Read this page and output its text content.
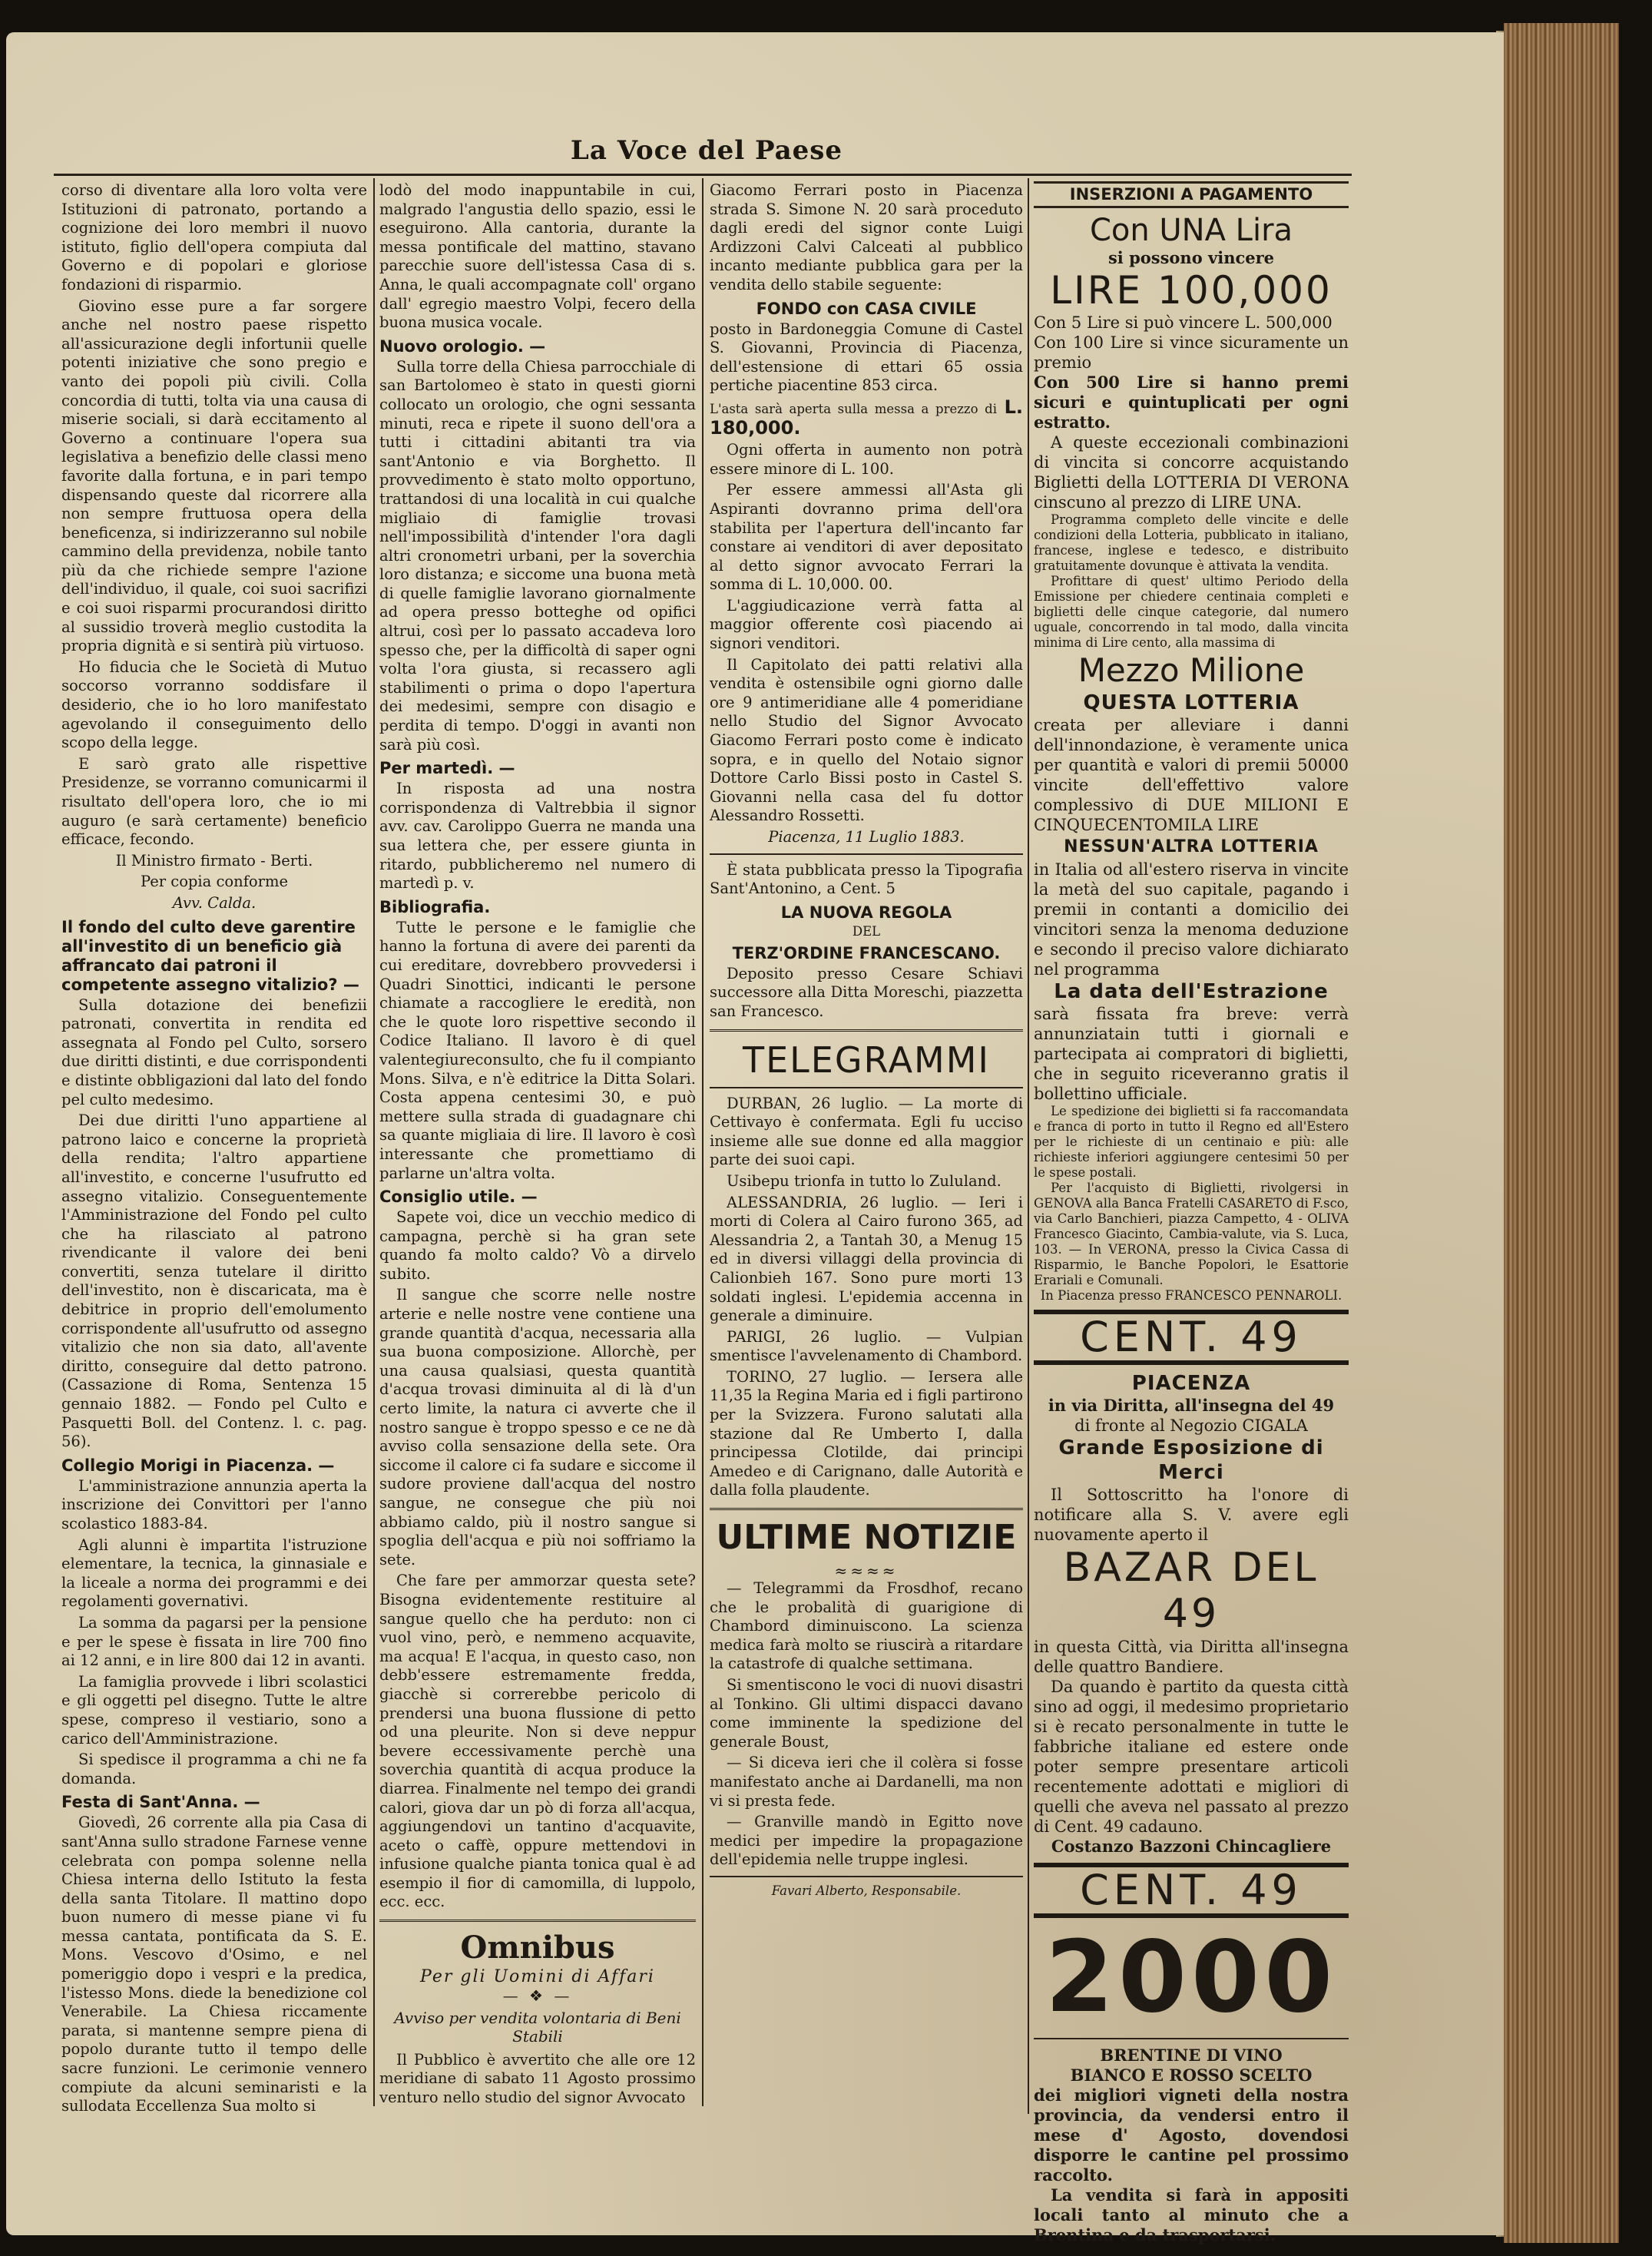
La Voce del Paese

corso di diventare alla loro volta vere Istituzioni di patronato, portando a cognizione dei loro membri il nuovo istituto, figlio dell'opera compiuta dal Governo e di popolari e gloriose fondazioni di risparmio.

Giovino esse pure a far sorgere anche nel nostro paese rispetto all'assicurazione degli infortunii quelle potenti iniziative che sono pregio e vanto dei popoli più civili. Colla concordia di tutti, tolta via una causa di miserie sociali, si darà eccitamento al Governo a continuare l'opera sua legislativa a benefizio delle classi meno favorite dalla fortuna, e in pari tempo dispensando queste dal ricorrere alla non sempre fruttuosa opera della beneficenza, si indirizzeranno sul nobile cammino della previdenza, nobile tanto più da che richiede sempre l'azione dell'individuo, il quale, coi suoi sacrifizi e coi suoi risparmi procurandosi diritto al sussidio troverà meglio custodita la propria dignità e si sentirà più virtuoso.

Ho fiducia che le Società di Mutuo soccorso vorranno soddisfare il desiderio, che io ho loro manifestato agevolando il conseguimento dello scopo della legge.

E sarò grato alle rispettive Presidenze, se vorranno comunicarmi il risultato dell'opera loro, che io mi auguro (e sarà certamente) beneficio efficace, fecondo.

Il Ministro firmato - Berti.

Per copia conforme

Avv. Calda.

Il fondo del culto deve garentire all'investito di un beneficio già affrancato dai patroni il competente assegno vitalizio? —

Sulla dotazione dei benefizii patronati, convertita in rendita ed assegnata al Fondo pel Culto, sorsero due diritti distinti, e due corrispondenti e distinte obbligazioni dal lato del fondo pel culto medesimo.

Dei due diritti l'uno appartiene al patrono laico e concerne la proprietà della rendita; l'altro appartiene all'investito, e concerne l'usufrutto ed assegno vitalizio. Conseguentemente l'Amministrazione del Fondo pel culto che ha rilasciato al patrono rivendicante il valore dei beni convertiti, senza tutelare il diritto dell'investito, non è discaricata, ma è debitrice in proprio dell'emolumento corrispondente all'usufrutto od assegno vitalizio che non sia dato, all'avente diritto, conseguire dal detto patrono. (Cassazione di Roma, Sentenza 15 gennaio 1882. — Fondo pel Culto e Pasquetti Boll. del Contenz. l. c. pag. 56).

Collegio Morigi in Piacenza. —

L'amministrazione annunzia aperta la inscrizione dei Convittori per l'anno scolastico 1883-84.

Agli alunni è impartita l'istruzione elementare, la tecnica, la ginnasiale e la liceale a norma dei programmi e dei regolamenti governativi.

La somma da pagarsi per la pensione e per le spese è fissata in lire 700 fino ai 12 anni, e in lire 800 dai 12 in avanti.

La famiglia provvede i libri scolastici e gli oggetti pel disegno. Tutte le altre spese, compreso il vestiario, sono a carico dell'Amministrazione.

Si spedisce il programma a chi ne fa domanda.

Festa di Sant'Anna. —

Giovedì, 26 corrente alla pia Casa di sant'Anna sullo stradone Farnese venne celebrata con pompa solenne nella Chiesa interna dello Istituto la festa della santa Titolare. Il mattino dopo buon numero di messe piane vi fu messa cantata, pontificata da S. E. Mons. Vescovo d'Osimo, e nel pomeriggio dopo i vespri e la predica, l'istesso Mons. diede la benedizione col Venerabile. La Chiesa riccamente parata, si mantenne sempre piena di popolo durante tutto il tempo delle sacre funzioni. Le cerimonie vennero compiute da alcuni seminaristi e la sullodata Eccellenza Sua molto si

lodò del modo inappuntabile in cui, malgrado l'angustia dello spazio, essi le eseguirono. Alla cantoria, durante la messa pontificale del mattino, stavano parecchie suore dell'istessa Casa di s. Anna, le quali accompagnate coll' organo dall' egregio maestro Volpi, fecero della buona musica vocale.

Nuovo orologio. —

Sulla torre della Chiesa parrocchiale di san Bartolomeo è stato in questi giorni collocato un orologio, che ogni sessanta minuti, reca e ripete il suono dell'ora a tutti i cittadini abitanti tra via sant'Antonio e via Borghetto. Il provvedimento è stato molto opportuno, trattandosi di una località in cui qualche migliaio di famiglie trovasi nell'impossibilità d'intender l'ora dagli altri cronometri urbani, per la soverchia loro distanza; e siccome una buona metà di quelle famiglie lavorano giornalmente ad opera presso botteghe od opifici altrui, così per lo passato accadeva loro spesso che, per la difficoltà di saper ogni volta l'ora giusta, si recassero agli stabilimenti o prima o dopo l'apertura dei medesimi, sempre con disagio e perdita di tempo. D'oggi in avanti non sarà più così.

Per martedì. —

In risposta ad una nostra corrispondenza di Valtrebbia il signor avv. cav. Carolippo Guerra ne manda una sua lettera che, per essere giunta in ritardo, pubblicheremo nel numero di martedì p. v.

Bibliografia.

Tutte le persone e le famiglie che hanno la fortuna di avere dei parenti da cui ereditare, dovrebbero provvedersi i Quadri Sinottici, indicanti le persone chiamate a raccogliere le eredità, non che le quote loro rispettive secondo il Codice Italiano. Il lavoro è di quel valentegiureconsulto, che fu il compianto Mons. Silva, e n'è editrice la Ditta Solari. Costa appena centesimi 30, e può mettere sulla strada di guadagnare chi sa quante migliaia di lire. Il lavoro è così interessante che promettiamo di parlarne un'altra volta.

Consiglio utile. —

Sapete voi, dice un vecchio medico di campagna, perchè si ha gran sete quando fa molto caldo? Vò a dirvelo subito.

Il sangue che scorre nelle nostre arterie e nelle nostre vene contiene una grande quantità d'acqua, necessaria alla sua buona composizione. Allorchè, per una causa qualsiasi, questa quantità d'acqua trovasi diminuita al di là d'un certo limite, la natura ci avverte che il nostro sangue è troppo spesso e ce ne dà avviso colla sensazione della sete. Ora siccome il calore ci fa sudare e siccome il sudore proviene dall'acqua del nostro sangue, ne consegue che più noi abbiamo caldo, più il nostro sangue si spoglia dell'acqua e più noi soffriamo la sete.

Che fare per ammorzar questa sete? Bisogna evidentemente restituire al sangue quello che ha perduto: non ci vuol vino, però, e nemmeno acquavite, ma acqua! E l'acqua, in questo caso, non debb'essere estremamente fredda, giacchè si correrebbe pericolo di prendersi una buona flussione di petto od una pleurite. Non si deve neppur bevere eccessivamente perchè una soverchia quantità di acqua produce la diarrea. Finalmente nel tempo dei grandi calori, giova dar un pò di forza all'acqua, aggiungendovi un tantino d'acquavite, aceto o caffè, oppure mettendovi in infusione qualche pianta tonica qual è ad esempio il fior di camomilla, di luppolo, ecc. ecc.

Omnibus
Per gli Uomini di Affari
— ❖ —
Avviso per vendita volontaria di Beni Stabili

Il Pubblico è avvertito che alle ore 12 meridiane di sabato 11 Agosto prossimo venturo nello studio del signor Avvocato

Giacomo Ferrari posto in Piacenza strada S. Simone N. 20 sarà proceduto dagli eredi del signor conte Luigi Ardizzoni Calvi Calceati al pubblico incanto mediante pubblica gara per la vendita dello stabile seguente:

FONDO con CASA CIVILE

posto in Bardoneggia Comune di Castel S. Giovanni, Provincia di Piacenza, dell'estensione di ettari 65 ossia pertiche piacentine 853 circa.

L'asta sarà aperta sulla messa a prezzo di L. 180,000.

Ogni offerta in aumento non potrà essere minore di L. 100.

Per essere ammessi all'Asta gli Aspiranti dovranno prima dell'ora stabilita per l'apertura dell'incanto far constare ai venditori di aver depositato al detto signor avvocato Ferrari la somma di L. 10,000. 00.

L'aggiudicazione verrà fatta al maggior offerente così piacendo ai signori venditori.

Il Capitolato dei patti relativi alla vendita è ostensibile ogni giorno dalle ore 9 antimeridiane alle 4 pomeridiane nello Studio del Signor Avvocato Giacomo Ferrari posto come è indicato sopra, e in quello del Notaio signor Dottore Carlo Bissi posto in Castel S. Giovanni nella casa del fu dottor Alessandro Rossetti.

Piacenza, 11 Luglio 1883.

È stata pubblicata presso la Tipografia Sant'Antonino, a Cent. 5

LA NUOVA REGOLA
DEL
TERZ'ORDINE FRANCESCANO.

Deposito presso Cesare Schiavi successore alla Ditta Moreschi, piazzetta san Francesco.

TELEGRAMMI

DURBAN, 26 luglio. — La morte di Cettivayo è confermata. Egli fu ucciso insieme alle sue donne ed alla maggior parte dei suoi capi.

Usibepu trionfa in tutto lo Zululand.

ALESSANDRIA, 26 luglio. — Ieri i morti di Colera al Cairo furono 365, ad Alessandria 2, a Tantah 30, a Menug 15 ed in diversi villaggi della provincia di Calionbieh 167. Sono pure morti 13 soldati inglesi. L'epidemia accenna in generale a diminuire.

PARIGI, 26 luglio. — Vulpian smentisce l'avvelenamento di Chambord.

TORINO, 27 luglio. — Iersera alle 11,35 la Regina Maria ed i figli partirono per la Svizzera. Furono salutati alla stazione dal Re Umberto I, dalla principessa Clotilde, dai principi Amedeo e di Carignano, dalle Autorità e dalla folla plaudente.

ULTIME NOTIZIE
≈≈≈≈

— Telegrammi da Frosdhof, recano che le probalità di guarigione di Chambord diminuiscono. La scienza medica farà molto se riuscirà a ritardare la catastrofe di qualche settimana.

Si smentiscono le voci di nuovi disastri al Tonkino. Gli ultimi dispacci davano come imminente la spedizione del generale Boust,

— Si diceva ieri che il colèra si fosse manifestato anche ai Dardanelli, ma non vi si presta fede.

— Granville mandò in Egitto nove medici per impedire la propagazione dell'epidemia nelle truppe inglesi.

Favari Alberto, Responsabile.

INSERZIONI A PAGAMENTO
Con UNA Lira
si possono vincere
LIRE 100,000
Con 5 Lire si può vincere L. 500,000
Con 100 Lire si vince sicuramente un premio
Con 500 Lire si hanno premi sicuri e quintuplicati per ogni estratto.
A queste eccezionali combinazioni di vincita si concorre acquistando Biglietti della LOTTERIA DI VERONA cinscuno al prezzo di LIRE UNA.
Programma completo delle vincite e delle condizioni della Lotteria, pubblicato in italiano, francese, inglese e tedesco, e distribuito gratuitamente dovunque è attivata la vendita.
Profittare di quest' ultimo Periodo della Emissione per chiedere centinaia completi e biglietti delle cinque categorie, dal numero uguale, concorrendo in tal modo, dalla vincita minima di Lire cento, alla massima di
Mezzo Milione
QUESTA LOTTERIA
creata per alleviare i danni dell'innondazione, è veramente unica per quantità e valori di premii 50000 vincite dell'effettivo valore complessivo di DUE MILIONI E CINQUECENTOMILA LIRE
NESSUN'ALTRA LOTTERIA
in Italia od all'estero riserva in vincite la metà del suo capitale, pagando i premii in contanti a domicilio dei vincitori senza la menoma deduzione e secondo il preciso valore dichiarato nel programma
La data dell'Estrazione
sarà fissata fra breve: verrà annunziatain tutti i giornali e partecipata ai compratori di biglietti, che in seguito riceveranno gratis il bollettino ufficiale.
Le spedizione dei biglietti si fa raccomandata e franca di porto in tutto il Regno ed all'Estero per le richieste di un centinaio e più: alle richieste inferiori aggiungere centesimi 50 per le spese postali.
Per l'acquisto di Biglietti, rivolgersi in GENOVA alla Banca Fratelli CASARETO di F.sco, via Carlo Banchieri, piazza Campetto, 4 - OLIVA Francesco Giacinto, Cambia-valute, via S. Luca, 103. — In VERONA, presso la Civica Cassa di Risparmio, le Banche Popolori, le Esattorie Erariali e Comunali.
In Piacenza presso FRANCESCO PENNAROLI.
CENT. 49
PIACENZA
in via Diritta, all'insegna del 49
di fronte al Negozio CIGALA
Grande Esposizione di Merci
Il Sottoscritto ha l'onore di notificare alla S. V. avere egli nuovamente aperto il
BAZAR DEL 49
in questa Città, via Diritta all'insegna delle quattro Bandiere.
Da quando è partito da questa città sino ad oggi, il medesimo proprietario si è recato personalmente in tutte le fabbriche italiane ed estere onde poter sempre presentare articoli recentemente adottati e migliori di quelli che aveva nel passato al prezzo di Cent. 49 cadauno.
Costanzo Bazzoni Chincagliere
CENT. 49
2000
BRENTINE DI VINO
BIANCO E ROSSO SCELTO
dei migliori vigneti della nostra provincia, da vendersi entro il mese d' Agosto, dovendosi disporre le cantine pel prossimo raccolto.
La vendita si farà in appositi locali tanto al minuto che a Brentina e da trasportarsi.
